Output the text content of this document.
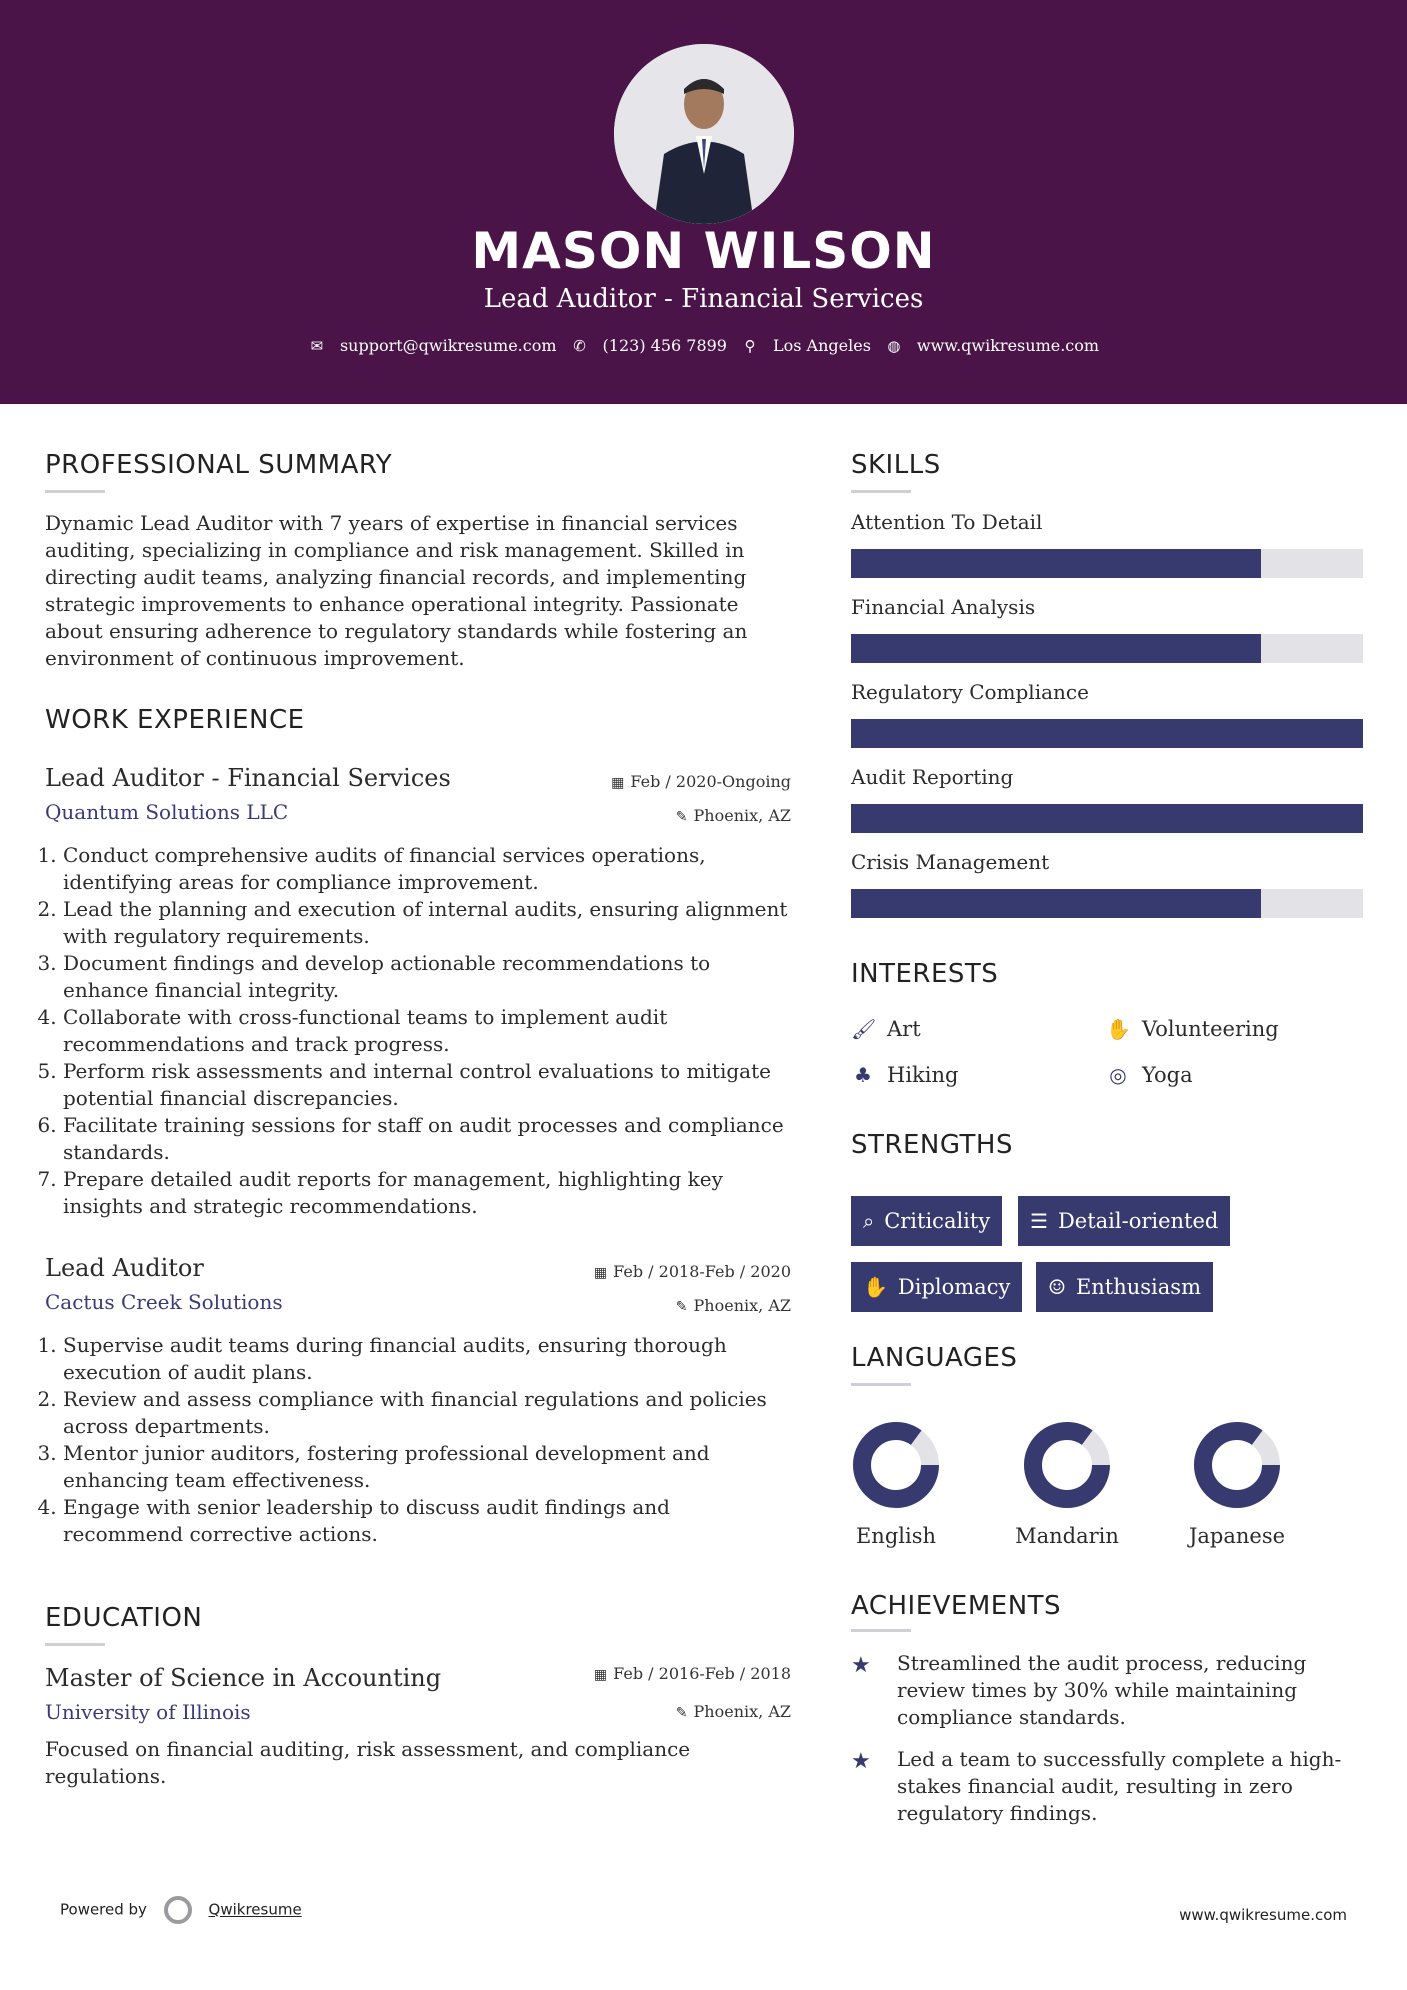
MASON WILSON
Lead Auditor - Financial Services
✉ support@qwikresume.com ✆ (123) 456 7899 ⚲ Los Angeles ◍ www.qwikresume.com
PROFESSIONAL SUMMARY
Dynamic Lead Auditor with 7 years of expertise in financial services auditing, specializing in compliance and risk management. Skilled in directing audit teams, analyzing financial records, and implementing strategic improvements to enhance operational integrity. Passionate about ensuring adherence to regulatory standards while fostering an environment of continuous improvement.
WORK EXPERIENCE
Lead Auditor - Financial Services
Quantum Solutions LLC
▦ Feb / 2020-Ongoing
✎ Phoenix, AZ
1. Conduct comprehensive audits of financial services operations, identifying areas for compliance improvement.
2. Lead the planning and execution of internal audits, ensuring alignment with regulatory requirements.
3. Document findings and develop actionable recommendations to enhance financial integrity.
4. Collaborate with cross-functional teams to implement audit recommendations and track progress.
5. Perform risk assessments and internal control evaluations to mitigate potential financial discrepancies.
6. Facilitate training sessions for staff on audit processes and compliance standards.
7. Prepare detailed audit reports for management, highlighting key insights and strategic recommendations.
Lead Auditor
Cactus Creek Solutions
▦ Feb / 2018-Feb / 2020
✎ Phoenix, AZ
1. Supervise audit teams during financial audits, ensuring thorough execution of audit plans.
2. Review and assess compliance with financial regulations and policies across departments.
3. Mentor junior auditors, fostering professional development and enhancing team effectiveness.
4. Engage with senior leadership to discuss audit findings and recommend corrective actions.
EDUCATION
Master of Science in Accounting
University of Illinois
▦ Feb / 2016-Feb / 2018
✎ Phoenix, AZ
Focused on financial auditing, risk assessment, and compliance regulations.
SKILLS
Attention To Detail
Financial Analysis
Regulatory Compliance
Audit Reporting
Crisis Management
INTERESTS
🖌 Art	✋ Volunteering
♣ Hiking	◎ Yoga
STRENGTHS
⌕ Criticality ☰ Detail-oriented
✋ Diplomacy ☺ Enthusiasm
LANGUAGES
English	Mandarin	Japanese
ACHIEVEMENTS
★	Streamlined the audit process, reducing review times by 30% while maintaining compliance standards.
★	Led a team to successfully complete a high-stakes financial audit, resulting in zero regulatory findings.
Powered by	Qwikresume	www.qwikresume.com
